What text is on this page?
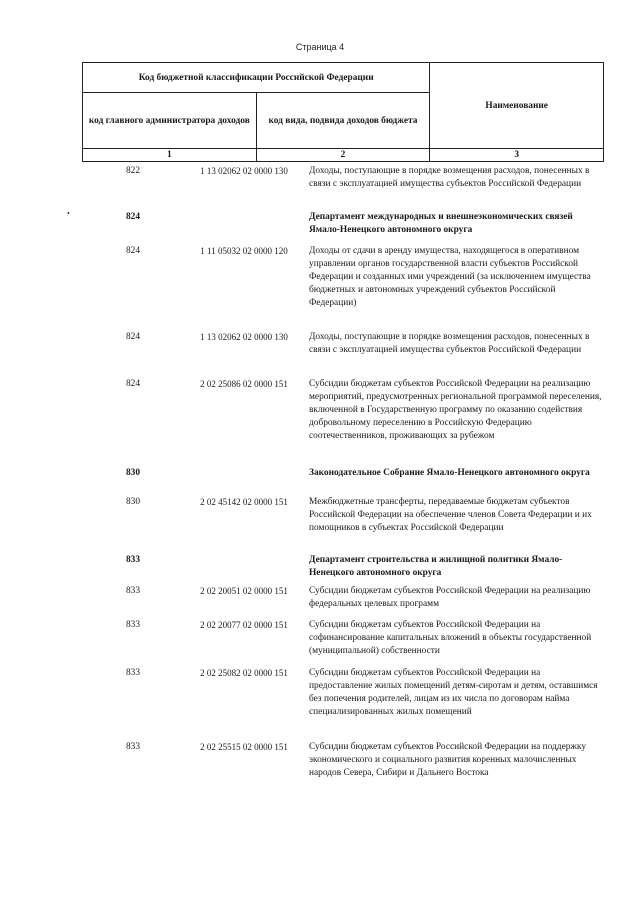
Страница 4
•
Код бюджетной классификации Российской Федерации		Наименование
код главного администратора доходов	код вида, подвида доходов бюджета	
1	2	3
822	1 13 02062 02 0000 130	Доходы, поступающие в порядке возмещения расходов, понесенных в связи с эксплуатацией имущества субъектов Российской Федерации
824		Департамент международных и внешнеэкономических связей Ямало-Ненецкого автономного округа
824	1 11 05032 02 0000 120	Доходы от сдачи в аренду имущества, находящегося в оперативном управлении органов государственной власти субъектов Российской Федерации и созданных ими учреждений (за исключением имущества бюджетных и автономных учреждений субъектов Российской Федерации)
824	1 13 02062 02 0000 130	Доходы, поступающие в порядке возмещения расходов, понесенных в связи с эксплуатацией имущества субъектов Российской Федерации
824	2 02 25086 02 0000 151	Субсидии бюджетам субъектов Российской Федерации на реализацию мероприятий, предусмотренных региональной программой переселения, включенной в Государственную программу по оказанию содействия добровольному переселению в Российскую Федерацию соотечественников, проживающих за рубежом
830		Законодательное Собрание Ямало-Ненецкого автономного округа
830	2 02 45142 02 0000 151	Межбюджетные трансферты, передаваемые бюджетам субъектов Российской Федерации на обеспечение членов Совета Федерации и их помощников в субъектах Российской Федерации
833		Департамент строительства и жилищной политики Ямало-Ненецкого автономного округа
833	2 02 20051 02 0000 151	Субсидии бюджетам субъектов Российской Федерации на реализацию федеральных целевых программ
833	2 02 20077 02 0000 151	Субсидии бюджетам субъектов Российской Федерации на софинансирование капитальных вложений в объекты государственной (муниципальной) собственности
833	2 02 25082 02 0000 151	Субсидии бюджетам субъектов Российской Федерации на предоставление жилых помещений детям-сиротам и детям, оставшимся без попечения родителей, лицам из их числа по договорам найма специализированных жилых помещений
833	2 02 25515 02 0000 151	Субсидии бюджетам субъектов Российской Федерации на поддержку экономического и социального развития коренных малочисленных народов Севера, Сибири и Дальнего Востока
